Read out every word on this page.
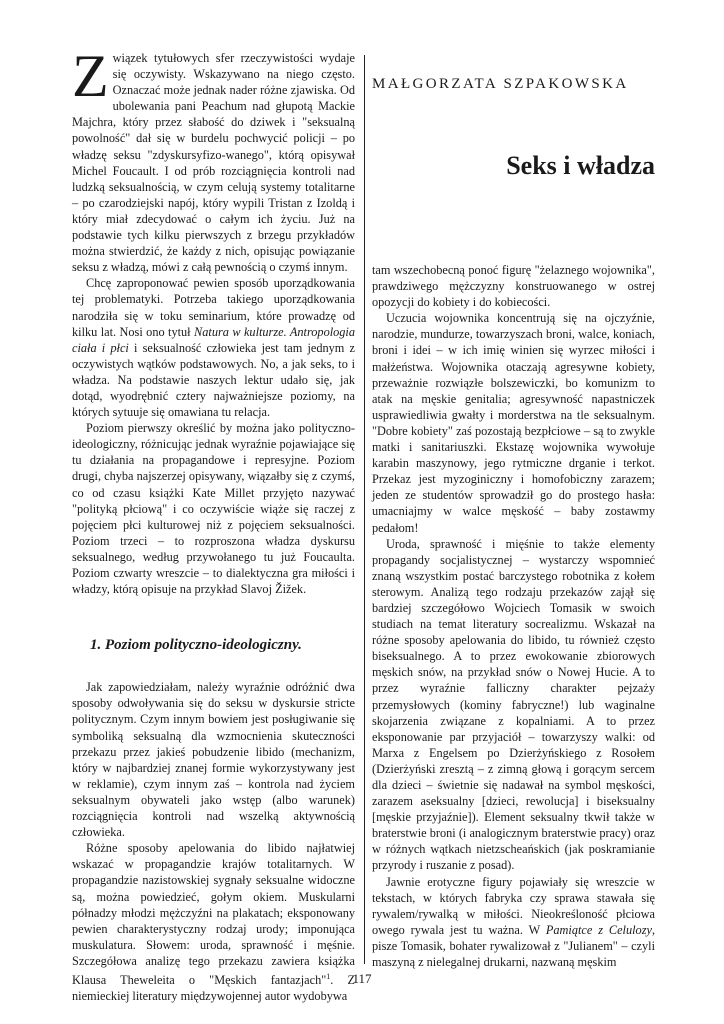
Związek tytułowych sfer rzeczywistości wydaje się oczywisty. Wskazywano na niego często. Oznaczać może jednak nader różne zjawiska. Od ubolewania pani Peachum nad głupotą Mackie Majchra, który przez słabość do dziwek i "seksualną powolność" dał się w burdelu pochwycić policji – po władzę seksu "zdyskursyfizo-wanego", którą opisywał Michel Foucault. I od prób rozciągnięcia kontroli nad ludzką seksualnością, w czym celują systemy totalitarne – po czarodziejski napój, który wypili Tristan z Izoldą i który miał zdecydować o całym ich życiu. Już na podstawie tych kilku pierwszych z brzegu przykładów można stwierdzić, że każdy z nich, opisując powiązanie seksu z władzą, mówi z całą pewnością o czymś innym.

Chcę zaproponować pewien sposób uporządkowania tej problematyki. Potrzeba takiego uporządkowania narodziła się w toku seminarium, które prowadzę od kilku lat. Nosi ono tytuł Natura w kulturze. Antropologia ciała i płci i seksualność człowieka jest tam jednym z oczywistych wątków podstawowych. No, a jak seks, to i władza. Na podstawie naszych lektur udało się, jak dotąd, wyodrębnić cztery najważniejsze poziomy, na których sytuuje się omawiana tu relacja.

Poziom pierwszy określić by można jako polityczno-ideologiczny, różnicując jednak wyraźnie pojawiające się tu działania na propagandowe i represyjne. Poziom drugi, chyba najszerzej opisywany, wiązałby się z czymś, co od czasu książki Kate Millet przyjęto nazywać "polityką płciową" i co oczywiście wiąże się raczej z pojęciem płci kulturowej niż z pojęciem seksualności. Poziom trzeci – to rozproszona władza dyskursu seksualnego, według przywołanego tu już Foucaulta. Poziom czwarty wreszcie – to dialektyczna gra miłości i władzy, którą opisuje na przykład Slavoj Žižek.

1. Poziom polityczno-ideologiczny.

Jak zapowiedziałam, należy wyraźnie odróżnić dwa sposoby odwoływania się do seksu w dyskursie stricte politycznym. Czym innym bowiem jest posługiwanie się symboliką seksualną dla wzmocnienia skuteczności przekazu przez jakieś pobudzenie libido (mechanizm, który w najbardziej znanej formie wykorzystywany jest w reklamie), czym innym zaś – kontrola nad życiem seksualnym obywateli jako wstęp (albo warunek) rozciągnięcia kontroli nad wszelką aktywnością człowieka.

Różne sposoby apelowania do libido najłatwiej wskazać w propagandzie krajów totalitarnych. W propagandzie nazistowskiej sygnały seksualne widoczne są, można powiedzieć, gołym okiem. Muskularni półnadzy młodzi mężczyźni na plakatach; eksponowany pewien charakterystyczny rodzaj urody; imponująca muskulatura. Słowem: uroda, sprawność i męśnie. Szczegółowa analizę tego przekazu zawiera książka Klausa Theweleita o "Męskich fantazjach"$^1$. Z niemieckiej literatury międzywojennej autor wydobywa

MAŁGORZATA SZPAKOWSKA
Seks i władza

tam wszechobecną ponoć figurę "żelaznego wojownika", prawdziwego mężczyzny konstruowanego w ostrej opozycji do kobiety i do kobiecości.

Uczucia wojownika koncentrują się na ojczyźnie, narodzie, mundurze, towarzyszach broni, walce, koniach, broni i idei – w ich imię winien się wyrzec miłości i małżeństwa. Wojownika otaczają agresywne kobiety, przeważnie rozwiązłe bolszewiczki, bo komunizm to atak na męskie genitalia; agresywność napastniczek usprawiedliwia gwałty i morderstwa na tle seksualnym. "Dobre kobiety" zaś pozostają bezpłciowe – są to zwykle matki i sanitariuszki. Ekstazę wojownika wywołuje karabin maszynowy, jego rytmiczne drganie i terkot. Przekaz jest myzoginiczny i homofobiczny zarazem; jeden ze studentów sprowadził go do prostego hasła: umacniajmy w walce męskość – baby zostawmy pedałom!

Uroda, sprawność i mięśnie to także elementy propagandy socjalistycznej – wystarczy wspomnieć znaną wszystkim postać barczystego robotnika z kołem sterowym. Analizą tego rodzaju przekazów zajął się bardziej szczegółowo Wojciech Tomasik w swoich studiach na temat literatury socrealizmu. Wskazał na różne sposoby apelowania do libido, tu również często biseksualnego. A to przez ewokowanie zbiorowych męskich snów, na przykład snów o Nowej Hucie. A to przez wyraźnie falliczny charakter pejzaży przemysłowych (kominy fabryczne!) lub waginalne skojarzenia związane z kopalniami. A to przez eksponowanie par przyjaciół – towarzyszy walki: od Marxa z Engelsem po Dzierżyńskiego z Rosołem (Dzierżyński zresztą – z zimną głową i gorącym sercem dla dzieci – świetnie się nadawał na symbol męskości, zarazem aseksualny [dzieci, rewolucja] i biseksualny [męskie przyjaźnie]). Element seksualny tkwił także w braterstwie broni (i analogicznym braterstwie pracy) oraz w różnych wątkach nietzscheańskich (jak poskramianie przyrody i ruszanie z posad).

Jawnie erotyczne figury pojawiały się wreszcie w tekstach, w których fabryka czy sprawa stawała się rywalem/rywalką w miłości. Nieokreśloność płciowa owego rywala jest tu ważna. W Pamiątce z Celulozy, pisze Tomasik, bohater rywalizował z "Julianem" – czyli maszyną z nielegalnej drukarni, nazwaną męskim

117
